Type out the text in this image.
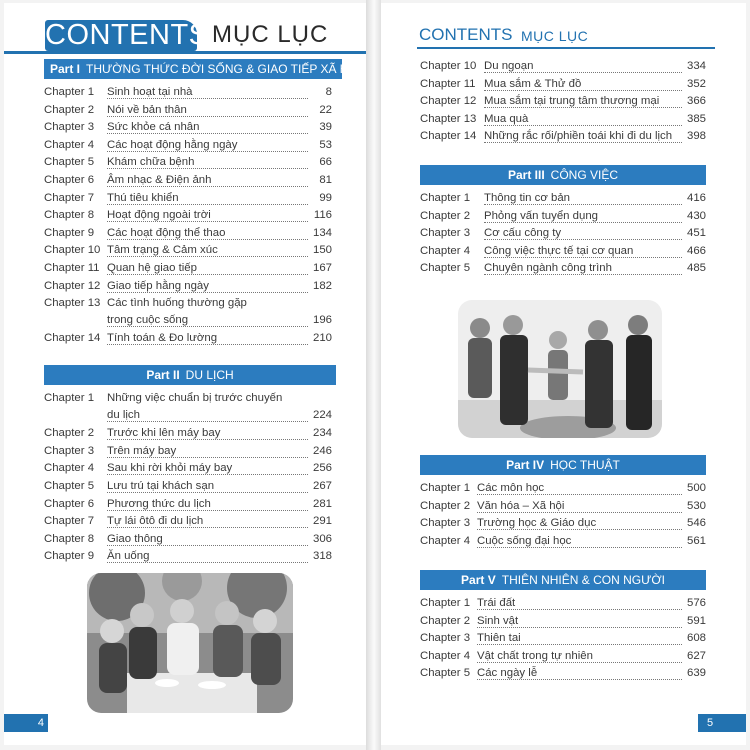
CONTENTS MỤC LỤC
Part I THƯỜNG THỨC ĐỜI SỐNG & GIAO TIẾP XÃ HỘI
Part II DU LỊCH
4
Chapter 1 Sinh hoạt tại nhà	8
Chapter 2 Nói về bản thân	22
Chapter 3 Sức khỏe cá nhân	39
Chapter 4 Các hoạt động hằng ngày	53
Chapter 5 Khám chữa bệnh	66
Chapter 6 Âm nhạc & Điện ảnh	81
Chapter 7 Thú tiêu khiển	99
Chapter 8 Hoạt động ngoài trời	116
Chapter 9 Các hoạt động thể thao	134
Chapter 10 Tâm trạng & Cảm xúc	150
Chapter 11 Quan hệ giao tiếp	167
Chapter 12 Giao tiếp hằng ngày	182
Chapter 13 Các tình huống thường gặp
trong cuộc sống	196
Chapter 14 Tính toán & Đo lường	210
Chapter 1 Những việc chuẩn bị trước chuyến
du lịch	224
Chapter 2 Trước khi lên máy bay	234
Chapter 3 Trên máy bay	246
Chapter 4 Sau khi rời khỏi máy bay	256
Chapter 5 Lưu trú tại khách sạn	267
Chapter 6 Phương thức du lịch	281
Chapter 7 Tự lái ôtô đi du lịch	291
Chapter 8 Giao thông	306
Chapter 9 Ăn uống	318
CONTENTS MỤC LỤC
Part III CÔNG VIỆC
Part IV HỌC THUẬT
Part V THIÊN NHIÊN & CON NGƯỜI
5
Chapter 10 Du ngoạn	334
Chapter 11 Mua sắm & Thử đồ	352
Chapter 12 Mua sắm tại trung tâm thương mại	366
Chapter 13 Mua quà	385
Chapter 14 Những rắc rối/phiền toái khi đi du lịch	398
Chapter 1 Thông tin cơ bản	416
Chapter 2 Phỏng vấn tuyển dụng	430
Chapter 3 Cơ cấu công ty	451
Chapter 4 Công việc thực tế tại cơ quan	466
Chapter 5 Chuyên ngành công trình	485
Chapter 1 Các môn học	500
Chapter 2 Văn hóa – Xã hội	530
Chapter 3 Trường học & Giáo dục	546
Chapter 4 Cuộc sống đại học	561
Chapter 1 Trái đất	576
Chapter 2 Sinh vật	591
Chapter 3 Thiên tai	608
Chapter 4 Vật chất trong tự nhiên	627
Chapter 5 Các ngày lễ	639
